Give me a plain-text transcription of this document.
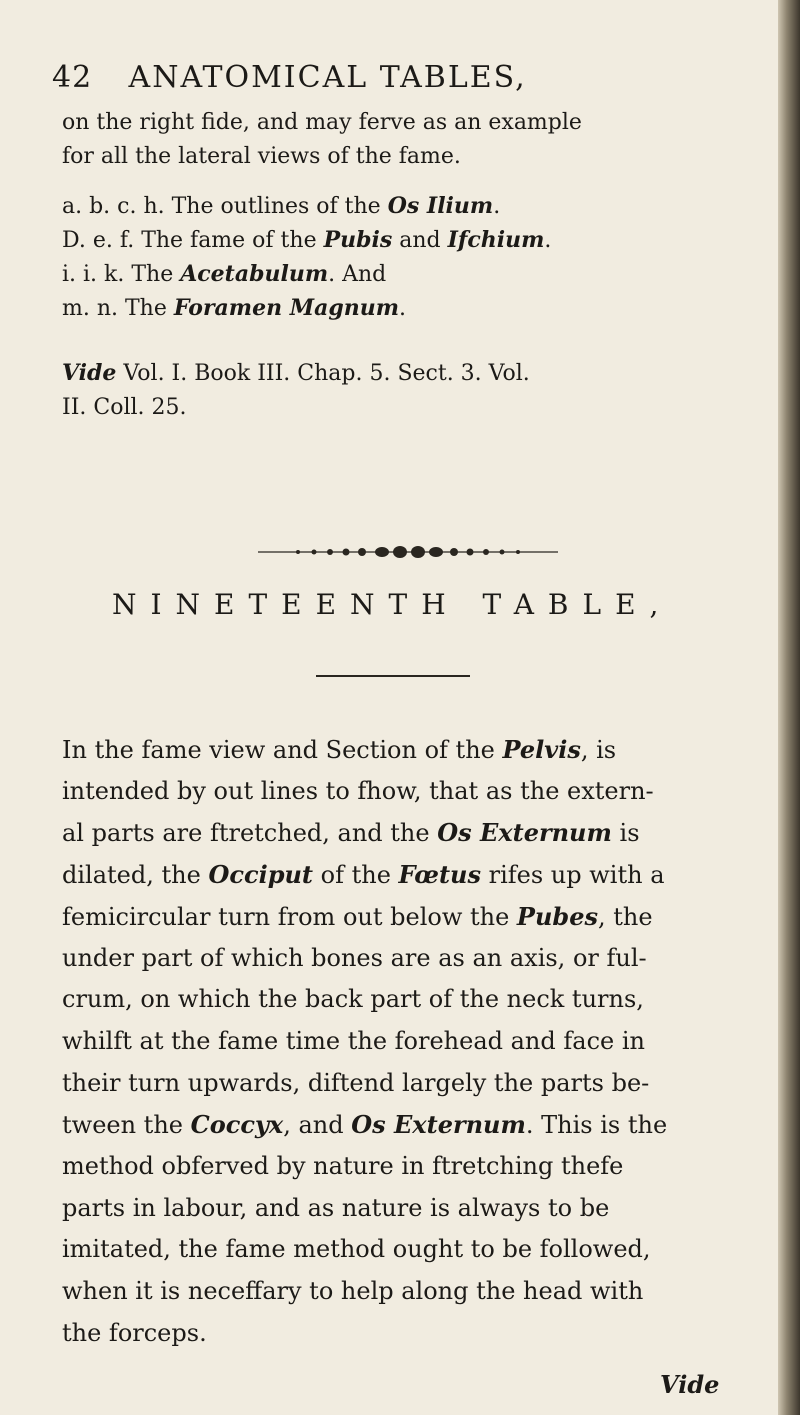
42 ANATOMICAL TABLES,
on the right fide, and may ferve as an example
for all the lateral views of the fame.
a. b. c. h. The outlines of the Os Ilium.
D. e. f. The fame of the Pubis and Ifchium.
i. i. k. The Acetabulum. And
m. n. The Foramen Magnum.
Vide Vol. I. Book III. Chap. 5. Sect. 3. Vol.
II. Coll. 25.
NINETEENTH TABLE,
In the fame view and Section of the Pelvis, is
intended by out lines to fhow, that as the extern-
al parts are ftretched, and the Os Externum is
dilated, the Occiput of the Fœtus rifes up with a
femicircular turn from out below the Pubes, the
under part of which bones are as an axis, or ful-
crum, on which the back part of the neck turns,
whilft at the fame time the forehead and face in
their turn upwards, diftend largely the parts be-
tween the Coccyx, and Os Externum. This is the
method obferved by nature in ftretching thefe
parts in labour, and as nature is always to be
imitated, the fame method ought to be followed,
when it is neceffary to help along the head with
the forceps.
Vide
